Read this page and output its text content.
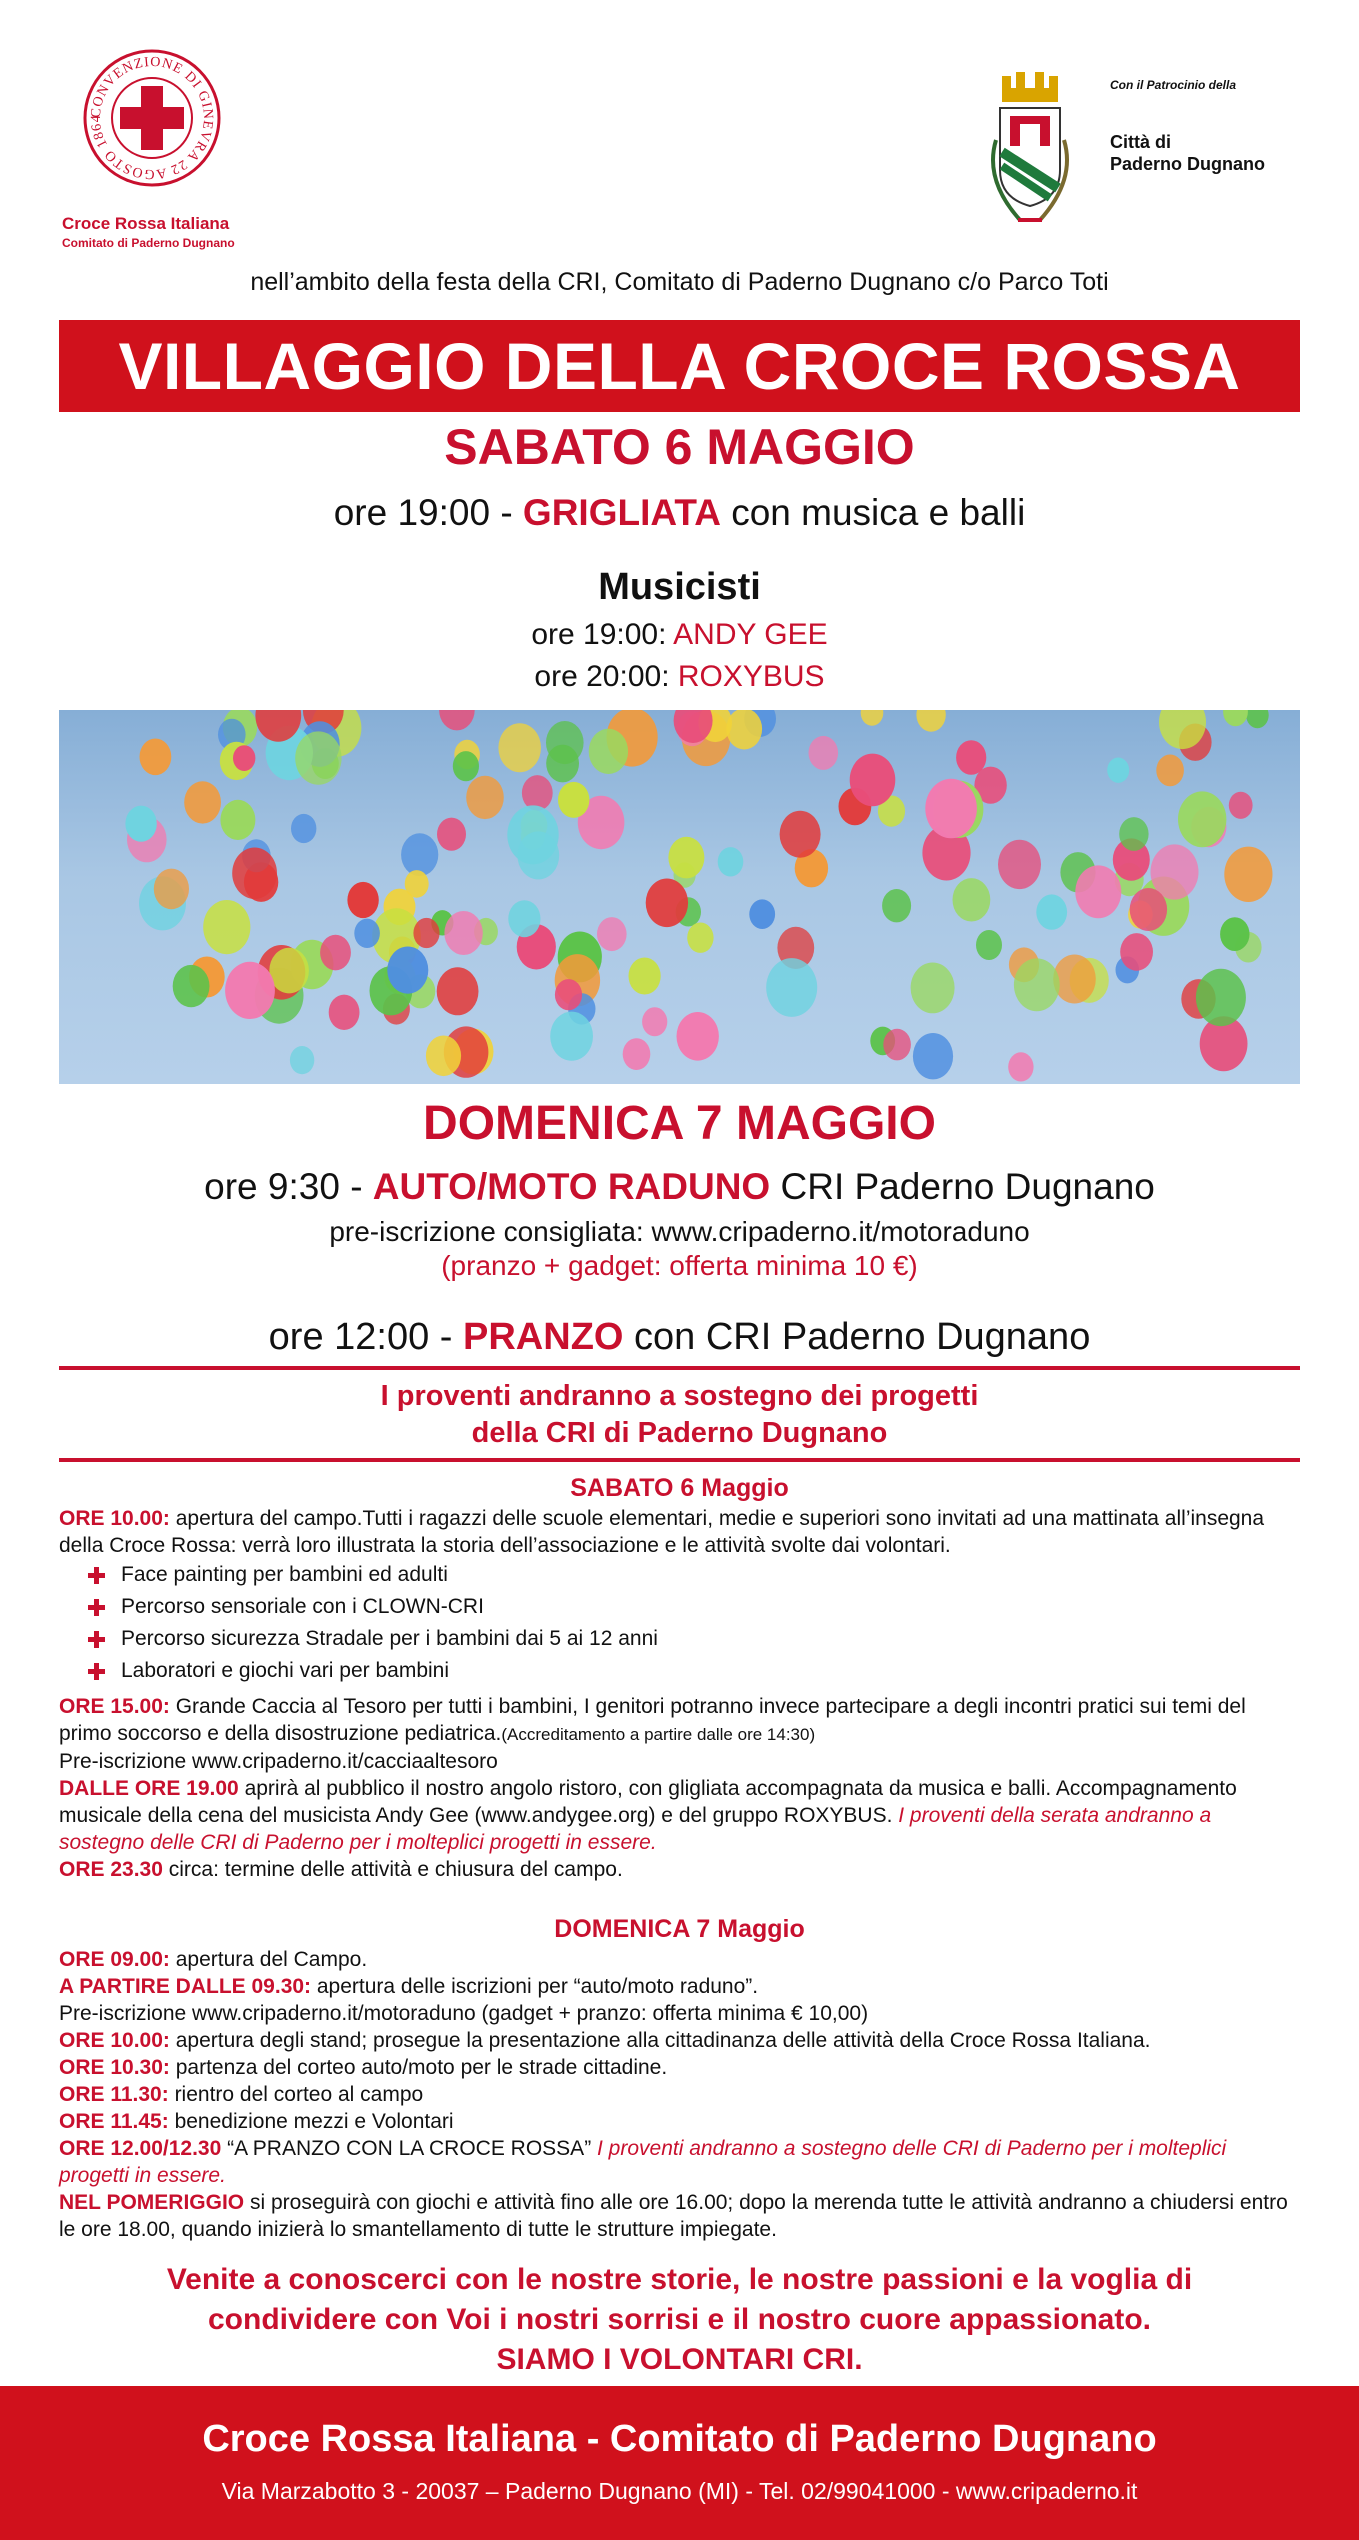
CONVENZIONE DI GINEVRA 22 AGOSTO 1864
Croce Rossa Italiana
Comitato di Paderno Dugnano
Con il Patrocinio della
Città di
Paderno Dugnano
nell’ambito della festa della CRI, Comitato di Paderno Dugnano c/o Parco Toti
VILLAGGIO DELLA CROCE ROSSA
SABATO 6 MAGGIO
ore 19:00 - GRIGLIATA con musica e balli
Musicisti
ore 19:00: ANDY GEE
ore 20:00: ROXYBUS
DOMENICA 7 MAGGIO
ore 9:30 - AUTO/MOTO RADUNO CRI Paderno Dugnano
pre-iscrizione consigliata: www.cripaderno.it/motoraduno
(pranzo + gadget: offerta minima 10 €)
ore 12:00 - PRANZO con CRI Paderno Dugnano
I proventi andranno a sostegno dei progetti
della CRI di Paderno Dugnano
SABATO 6 Maggio
ORE 10.00: apertura del campo.Tutti i ragazzi delle scuole elementari, medie e superiori sono invitati ad una mattinata all’insegna della Croce Rossa: verrà loro illustrata la storia dell’associazione e le attività svolte dai volontari.
Face painting per bambini ed adulti
Percorso sensoriale con i CLOWN-CRI
Percorso sicurezza Stradale per i bambini dai 5 ai 12 anni
Laboratori e giochi vari per bambini
ORE 15.00: Grande Caccia al Tesoro per tutti i bambini, I genitori potranno invece partecipare a degli incontri pratici sui temi del primo soccorso e della disostruzione pediatrica.(Accreditamento a partire dalle ore 14:30)
Pre-iscrizione www.cripaderno.it/cacciaaltesoro
DALLE ORE 19.00 aprirà al pubblico il nostro angolo ristoro, con gligliata accompagnata da musica e balli. Accompagnamento musicale della cena del musicista Andy Gee (www.andygee.org) e del gruppo ROXYBUS. I proventi della serata andranno a sostegno delle CRI di Paderno per i molteplici progetti in essere.
ORE 23.30 circa: termine delle attività e chiusura del campo.
DOMENICA 7 Maggio
ORE 09.00: apertura del Campo.
A PARTIRE DALLE 09.30: apertura delle iscrizioni per “auto/moto raduno”.
Pre-iscrizione www.cripaderno.it/motoraduno (gadget + pranzo: offerta minima € 10,00)
ORE 10.00: apertura degli stand; prosegue la presentazione alla cittadinanza delle attività della Croce Rossa Italiana.
ORE 10.30: partenza del corteo auto/moto per le strade cittadine.
ORE 11.30: rientro del corteo al campo
ORE 11.45: benedizione mezzi e Volontari
ORE 12.00/12.30 “A PRANZO CON LA CROCE ROSSA” I proventi andranno a sostegno delle CRI di Paderno per i molteplici progetti in essere.
NEL POMERIGGIO si proseguirà con giochi e attività fino alle ore 16.00; dopo la merenda tutte le attività andranno a chiudersi entro le ore 18.00, quando inizierà lo smantellamento di tutte le strutture impiegate.
Venite a conoscerci con le nostre storie, le nostre passioni e la voglia di
condividere con Voi i nostri sorrisi e il nostro cuore appassionato.
SIAMO I VOLONTARI CRI.
Croce Rossa Italiana - Comitato di Paderno Dugnano
Via Marzabotto 3 - 20037 – Paderno Dugnano (MI) - Tel. 02/99041000 - www.cripaderno.it
